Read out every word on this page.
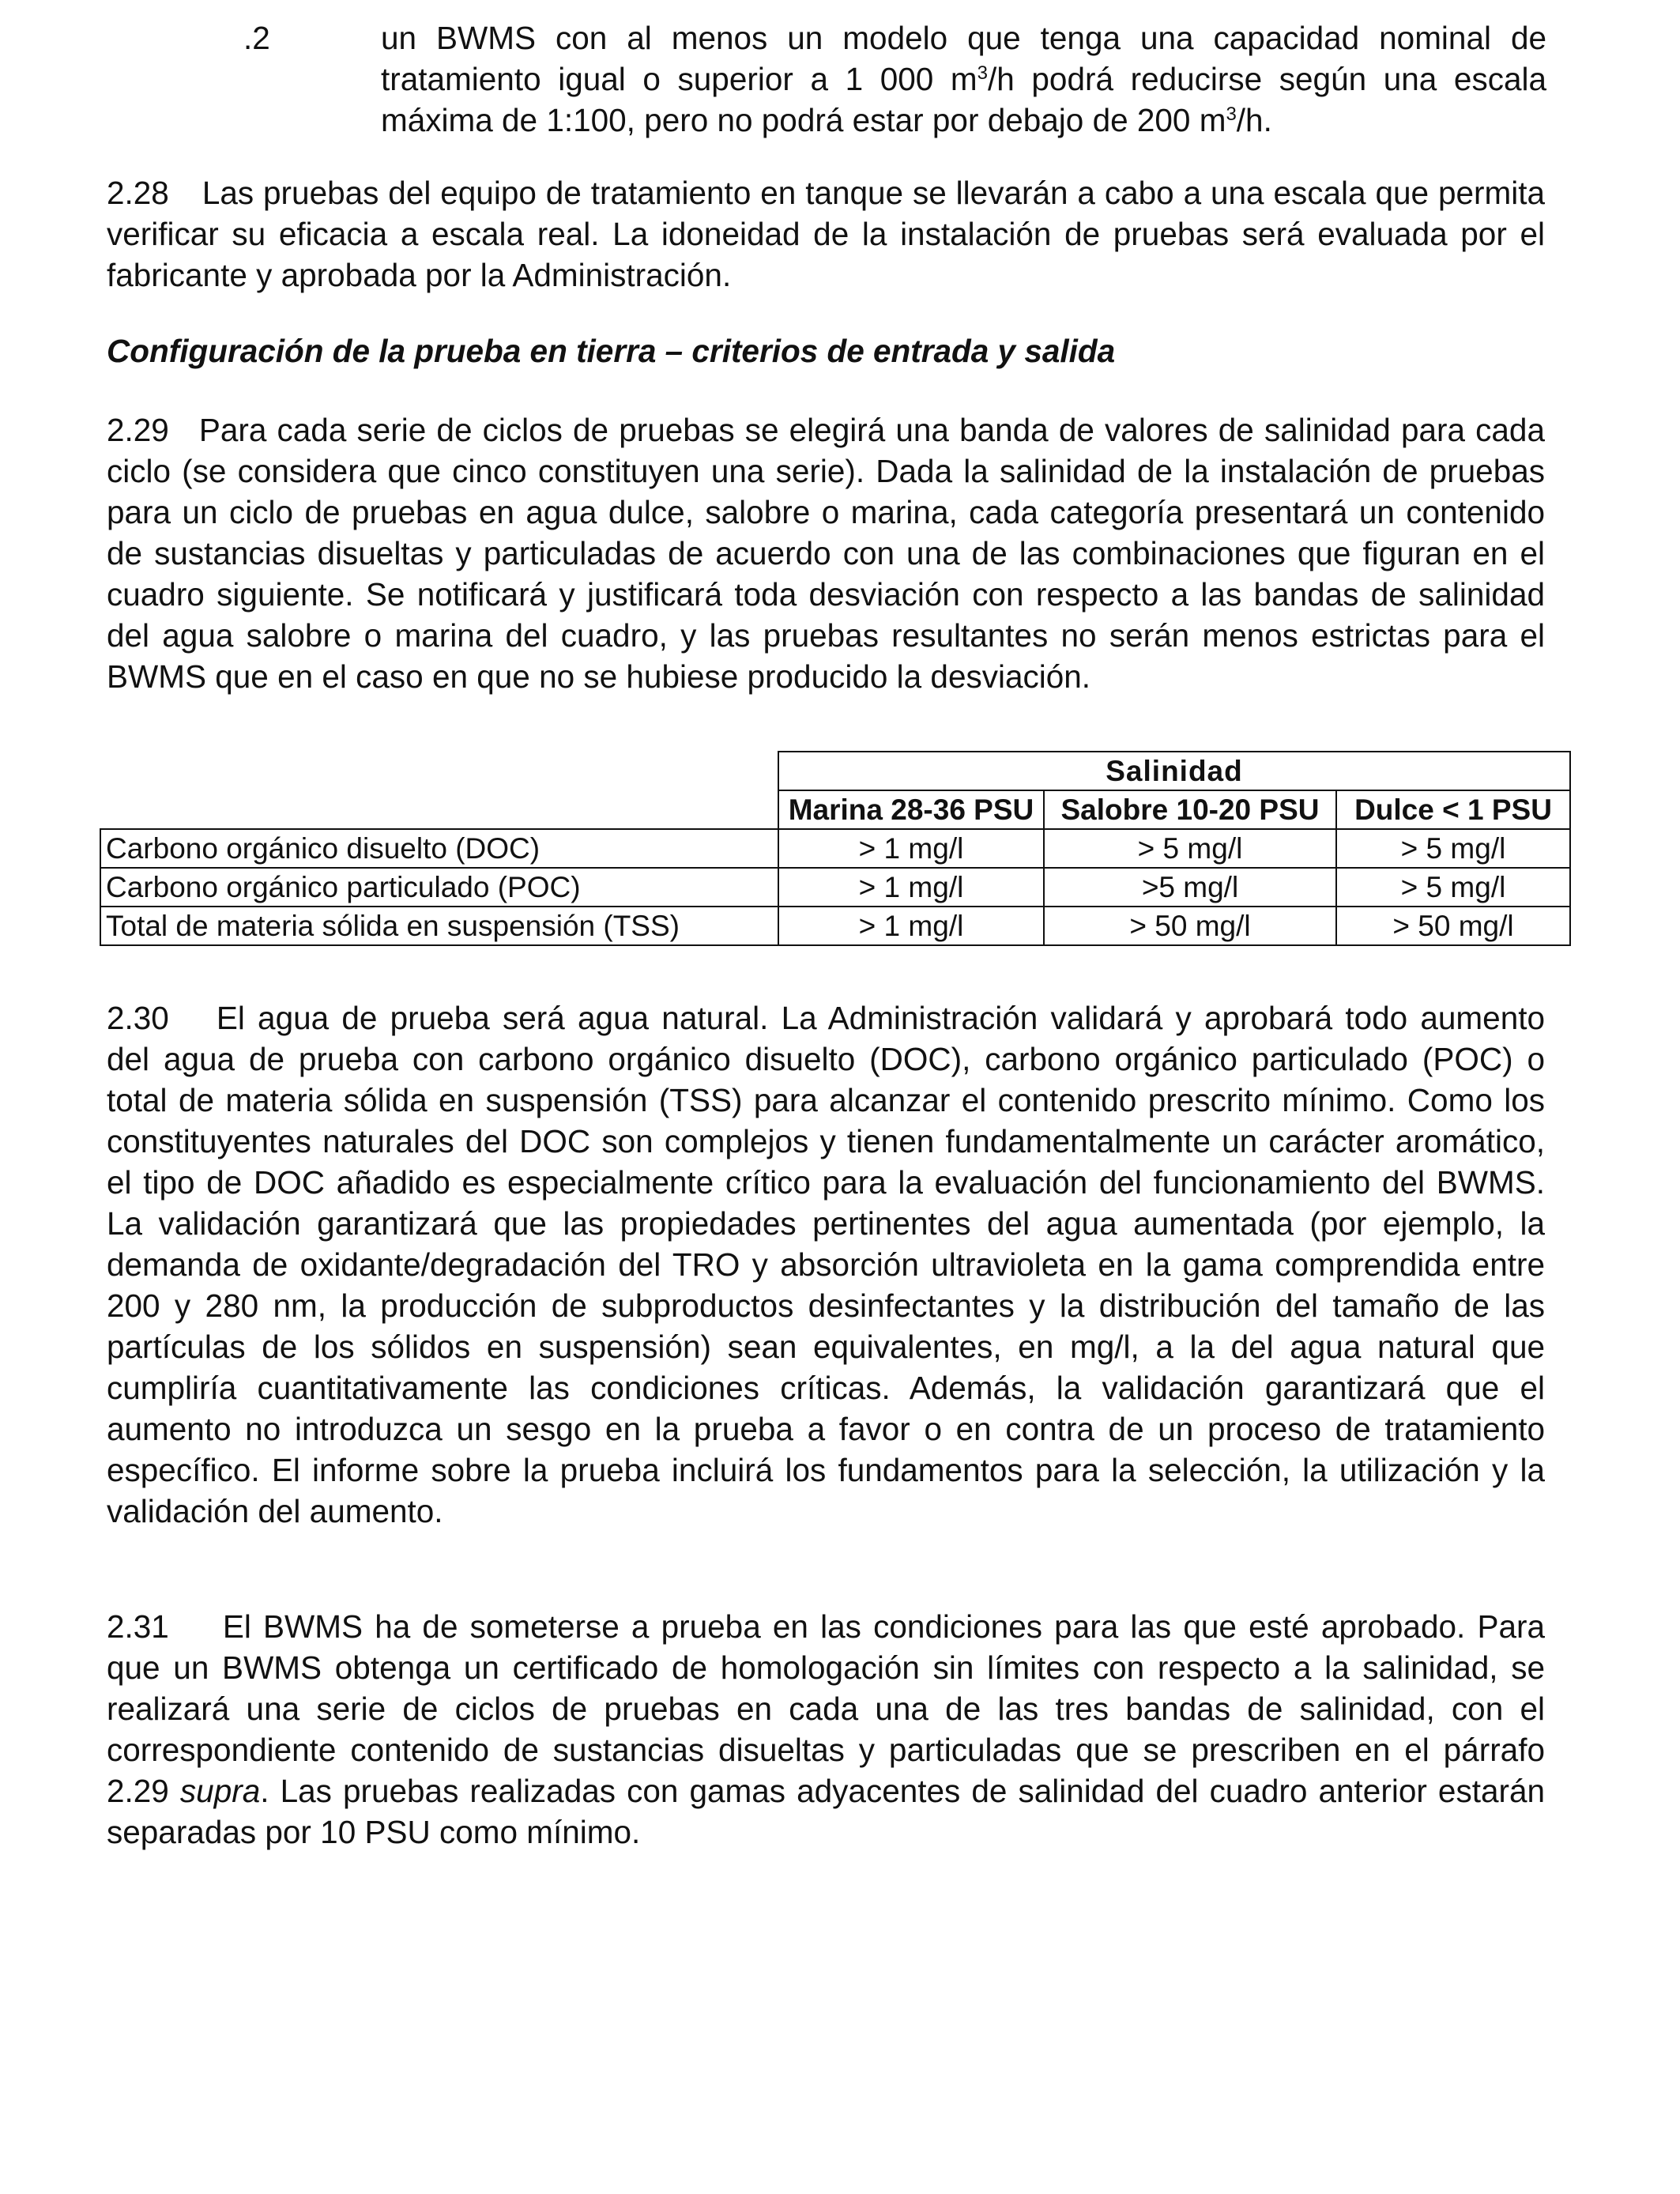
.2	un BWMS con al menos un modelo que tenga una capacidad nominal de tratamiento igual o superior a 1 000 $m^3/h$ podrá reducirse según una escala máxima de 1:100, pero no podrá estar por debajo de 200 $m^3/h$.

2.28 Las pruebas del equipo de tratamiento en tanque se llevarán a cabo a una escala que permita verificar su eficacia a escala real. La idoneidad de la instalación de pruebas será evaluada por el fabricante y aprobada por la Administración.

Configuración de la prueba en tierra – criterios de entrada y salida

2.29 Para cada serie de ciclos de pruebas se elegirá una banda de valores de salinidad para cada ciclo (se considera que cinco constituyen una serie). Dada la salinidad de la instalación de pruebas para un ciclo de pruebas en agua dulce, salobre o marina, cada categoría presentará un contenido de sustancias disueltas y particuladas de acuerdo con una de las combinaciones que figuran en el cuadro siguiente. Se notificará y justificará toda desviación con respecto a las bandas de salinidad del agua salobre o marina del cuadro, y las pruebas resultantes no serán menos estrictas para el BWMS que en el caso en que no se hubiese producido la desviación.

	Salinidad		
	Marina 28-36 PSU	Salobre 10-20 PSU	Dulce < 1 PSU
Carbono orgánico disuelto (DOC)	> 1 mg/l	> 5 mg/l	> 5 mg/l
Carbono orgánico particulado (POC)	> 1 mg/l	>5 mg/l	> 5 mg/l
Total de materia sólida en suspensión (TSS)	> 1 mg/l	> 50 mg/l	> 50 mg/l

2.30 El agua de prueba será agua natural. La Administración validará y aprobará todo aumento del agua de prueba con carbono orgánico disuelto (DOC), carbono orgánico particulado (POC) o total de materia sólida en suspensión (TSS) para alcanzar el contenido prescrito mínimo. Como los constituyentes naturales del DOC son complejos y tienen fundamentalmente un carácter aromático, el tipo de DOC añadido es especialmente crítico para la evaluación del funcionamiento del BWMS. La validación garantizará que las propiedades pertinentes del agua aumentada (por ejemplo, la demanda de oxidante/degradación del TRO y absorción ultravioleta en la gama comprendida entre 200 y 280 nm, la producción de subproductos desinfectantes y la distribución del tamaño de las partículas de los sólidos en suspensión) sean equivalentes, en mg/l, a la del agua natural que cumpliría cuantitativamente las condiciones críticas. Además, la validación garantizará que el aumento no introduzca un sesgo en la prueba a favor o en contra de un proceso de tratamiento específico. El informe sobre la prueba incluirá los fundamentos para la selección, la utilización y la validación del aumento.

2.31 El BWMS ha de someterse a prueba en las condiciones para las que esté aprobado. Para que un BWMS obtenga un certificado de homologación sin límites con respecto a la salinidad, se realizará una serie de ciclos de pruebas en cada una de las tres bandas de salinidad, con el correspondiente contenido de sustancias disueltas y particuladas que se prescriben en el párrafo 2.29 supra. Las pruebas realizadas con gamas adyacentes de salinidad del cuadro anterior estarán separadas por 10 PSU como mínimo.
